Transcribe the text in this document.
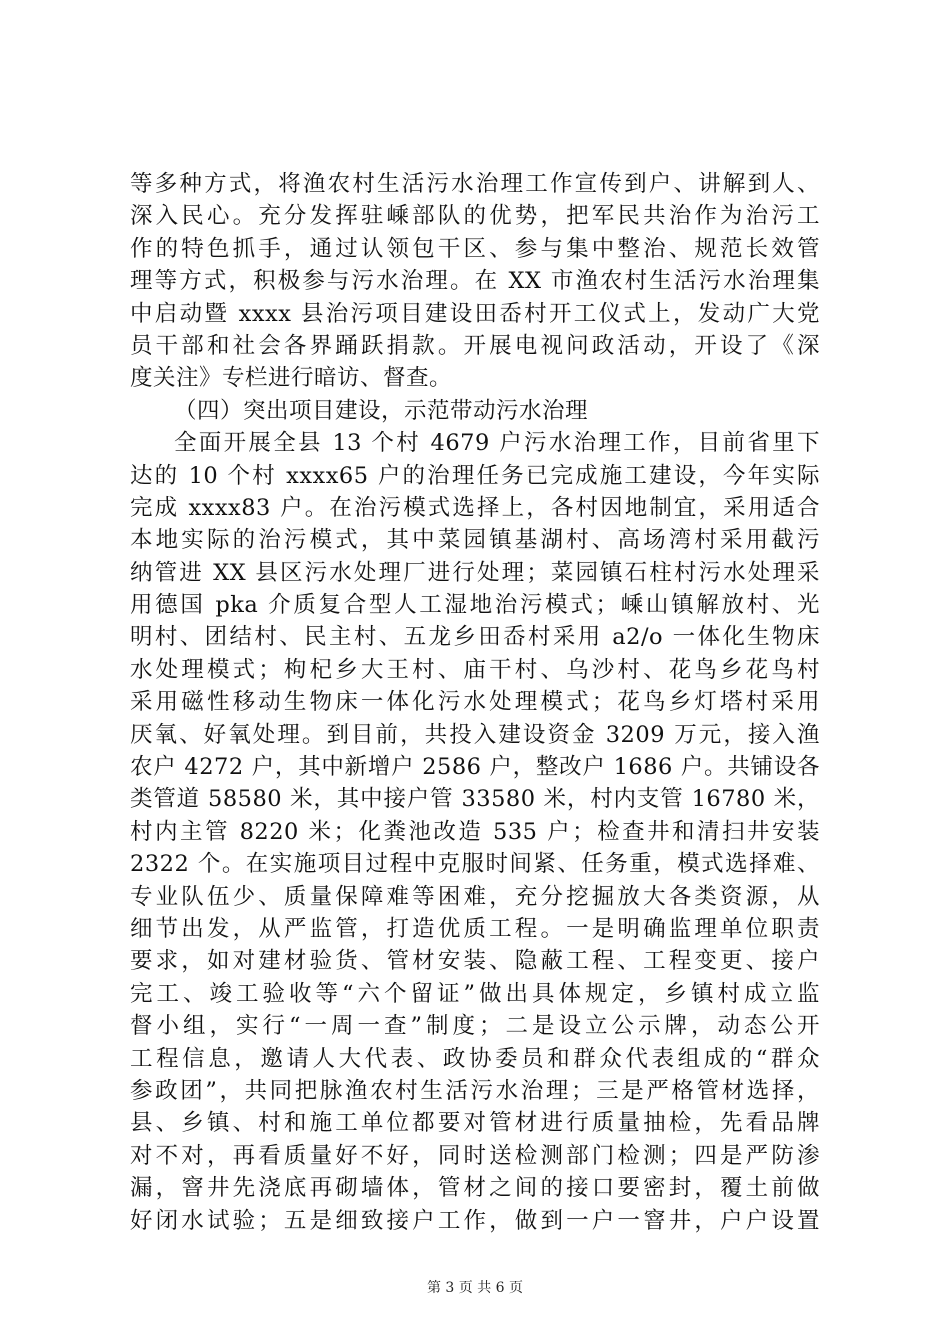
等多种方式，将渔农村生活污水治理工作宣传到户、讲解到人、
深入民心。充分发挥驻嵊部队的优势，把军民共治作为治污工
作的特色抓手，通过认领包干区、参与集中整治、规范长效管
理等方式，积极参与污水治理。在 XX 市渔农村生活污水治理集
中启动暨 xxxx 县治污项目建设田岙村开工仪式上，发动广大党
员干部和社会各界踊跃捐款。开展电视问政活动，开设了《深
度关注》专栏进行暗访、督查。
（四）突出项目建设，示范带动污水治理
全面开展全县 13 个村 4679 户污水治理工作，目前省里下
达的 10 个村 xxxx65 户的治理任务已完成施工建设，今年实际
完成 xxxx83 户。在治污模式选择上，各村因地制宜，采用适合
本地实际的治污模式，其中菜园镇基湖村、高场湾村采用截污
纳管进 XX 县区污水处理厂进行处理；菜园镇石柱村污水处理采
用德国 pka 介质复合型人工湿地治污模式；嵊山镇解放村、光
明村、团结村、民主村、五龙乡田岙村采用 a2/o 一体化生物床
水处理模式；枸杞乡大王村、庙干村、乌沙村、花鸟乡花鸟村
采用磁性移动生物床一体化污水处理模式；花鸟乡灯塔村采用
厌氧、好氧处理。到目前，共投入建设资金 3209 万元，接入渔
农户 4272 户，其中新增户 2586 户，整改户 1686 户。共铺设各
类管道 58580 米，其中接户管 33580 米，村内支管 16780 米，
村内主管 8220 米；化粪池改造 535 户；检查井和清扫井安装
2322 个。在实施项目过程中克服时间紧、任务重，模式选择难、
专业队伍少、质量保障难等困难，充分挖掘放大各类资源，从
细节出发，从严监管，打造优质工程。一是明确监理单位职责
要求，如对建材验货、管材安装、隐蔽工程、工程变更、接户
完工、竣工验收等“六个留证”做出具体规定，乡镇村成立监
督小组，实行“一周一查”制度；二是设立公示牌，动态公开
工程信息，邀请人大代表、政协委员和群众代表组成的“群众
参政团”，共同把脉渔农村生活污水治理；三是严格管材选择，
县、乡镇、村和施工单位都要对管材进行质量抽检，先看品牌
对不对，再看质量好不好，同时送检测部门检测；四是严防渗
漏，窨井先浇底再砌墙体，管材之间的接口要密封，覆土前做
好闭水试验；五是细致接户工作，做到一户一窨井，户户设置
第 3 页 共 6 页
